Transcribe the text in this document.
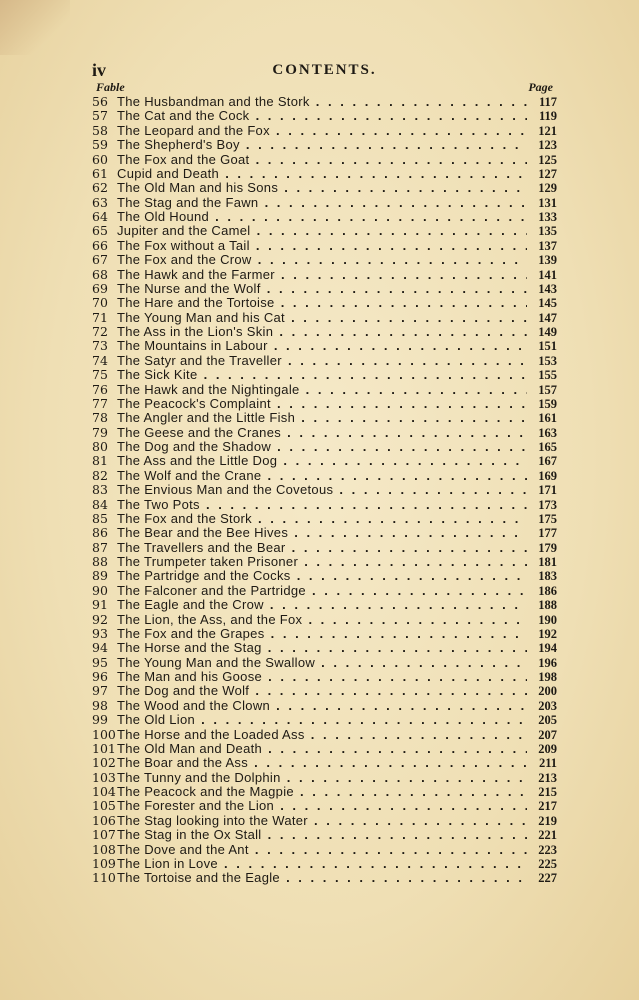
iv	CONTENTS.
Fable	Page
56 The Husbandman and the Stork . . .	117
57 The Cat and the Cock . . .	119
58 The Leopard and the Fox . . .	121
59 The Shepherd's Boy . . .	123
60 The Fox and the Goat . . .	125
61 Cupid and Death . . .	127
62 The Old Man and his Sons . . .	129
63 The Stag and the Fawn . . .	131
64 The Old Hound . . .	133
65 Jupiter and the Camel . . .	135
66 The Fox without a Tail . . .	137
67 The Fox and the Crow . . .	139
68 The Hawk and the Farmer . . .	141
69 The Nurse and the Wolf . . .	143
70 The Hare and the Tortoise . . .	145
71 The Young Man and his Cat . . .	147
72 The Ass in the Lion's Skin . . .	149
73 The Mountains in Labour . . .	151
74 The Satyr and the Traveller . . .	153
75 The Sick Kite . . .	155
76 The Hawk and the Nightingale . . .	157
77 The Peacock's Complaint . . .	159
78 The Angler and the Little Fish . . .	161
79 The Geese and the Cranes . . .	163
80 The Dog and the Shadow . . .	165
81 The Ass and the Little Dog . . .	167
82 The Wolf and the Crane . . .	169
83 The Envious Man and the Covetous . . .	171
84 The Two Pots . . .	173
85 The Fox and the Stork . . .	175
86 The Bear and the Bee Hives . . .	177
87 The Travellers and the Bear . . .	179
88 The Trumpeter taken Prisoner . . .	181
89 The Partridge and the Cocks . . .	183
90 The Falconer and the Partridge . . .	186
91 The Eagle and the Crow . . .	188
92 The Lion, the Ass, and the Fox . . .	190
93 The Fox and the Grapes . . .	192
94 The Horse and the Stag . . .	194
95 The Young Man and the Swallow . . .	196
96 The Man and his Goose . . .	198
97 The Dog and the Wolf . . .	200
98 The Wood and the Clown . . .	203
99 The Old Lion . . .	205
100 The Horse and the Loaded Ass . . .	207
101 The Old Man and Death . . .	209
102 The Boar and the Ass . . .	211
103 The Tunny and the Dolphin . . .	213
104 The Peacock and the Magpie . . .	215
105 The Forester and the Lion . . .	217
106 The Stag looking into the Water . . .	219
107 The Stag in the Ox Stall . . .	221
108 The Dove and the Ant . . .	223
109 The Lion in Love . . .	225
110 The Tortoise and the Eagle . . .	227
